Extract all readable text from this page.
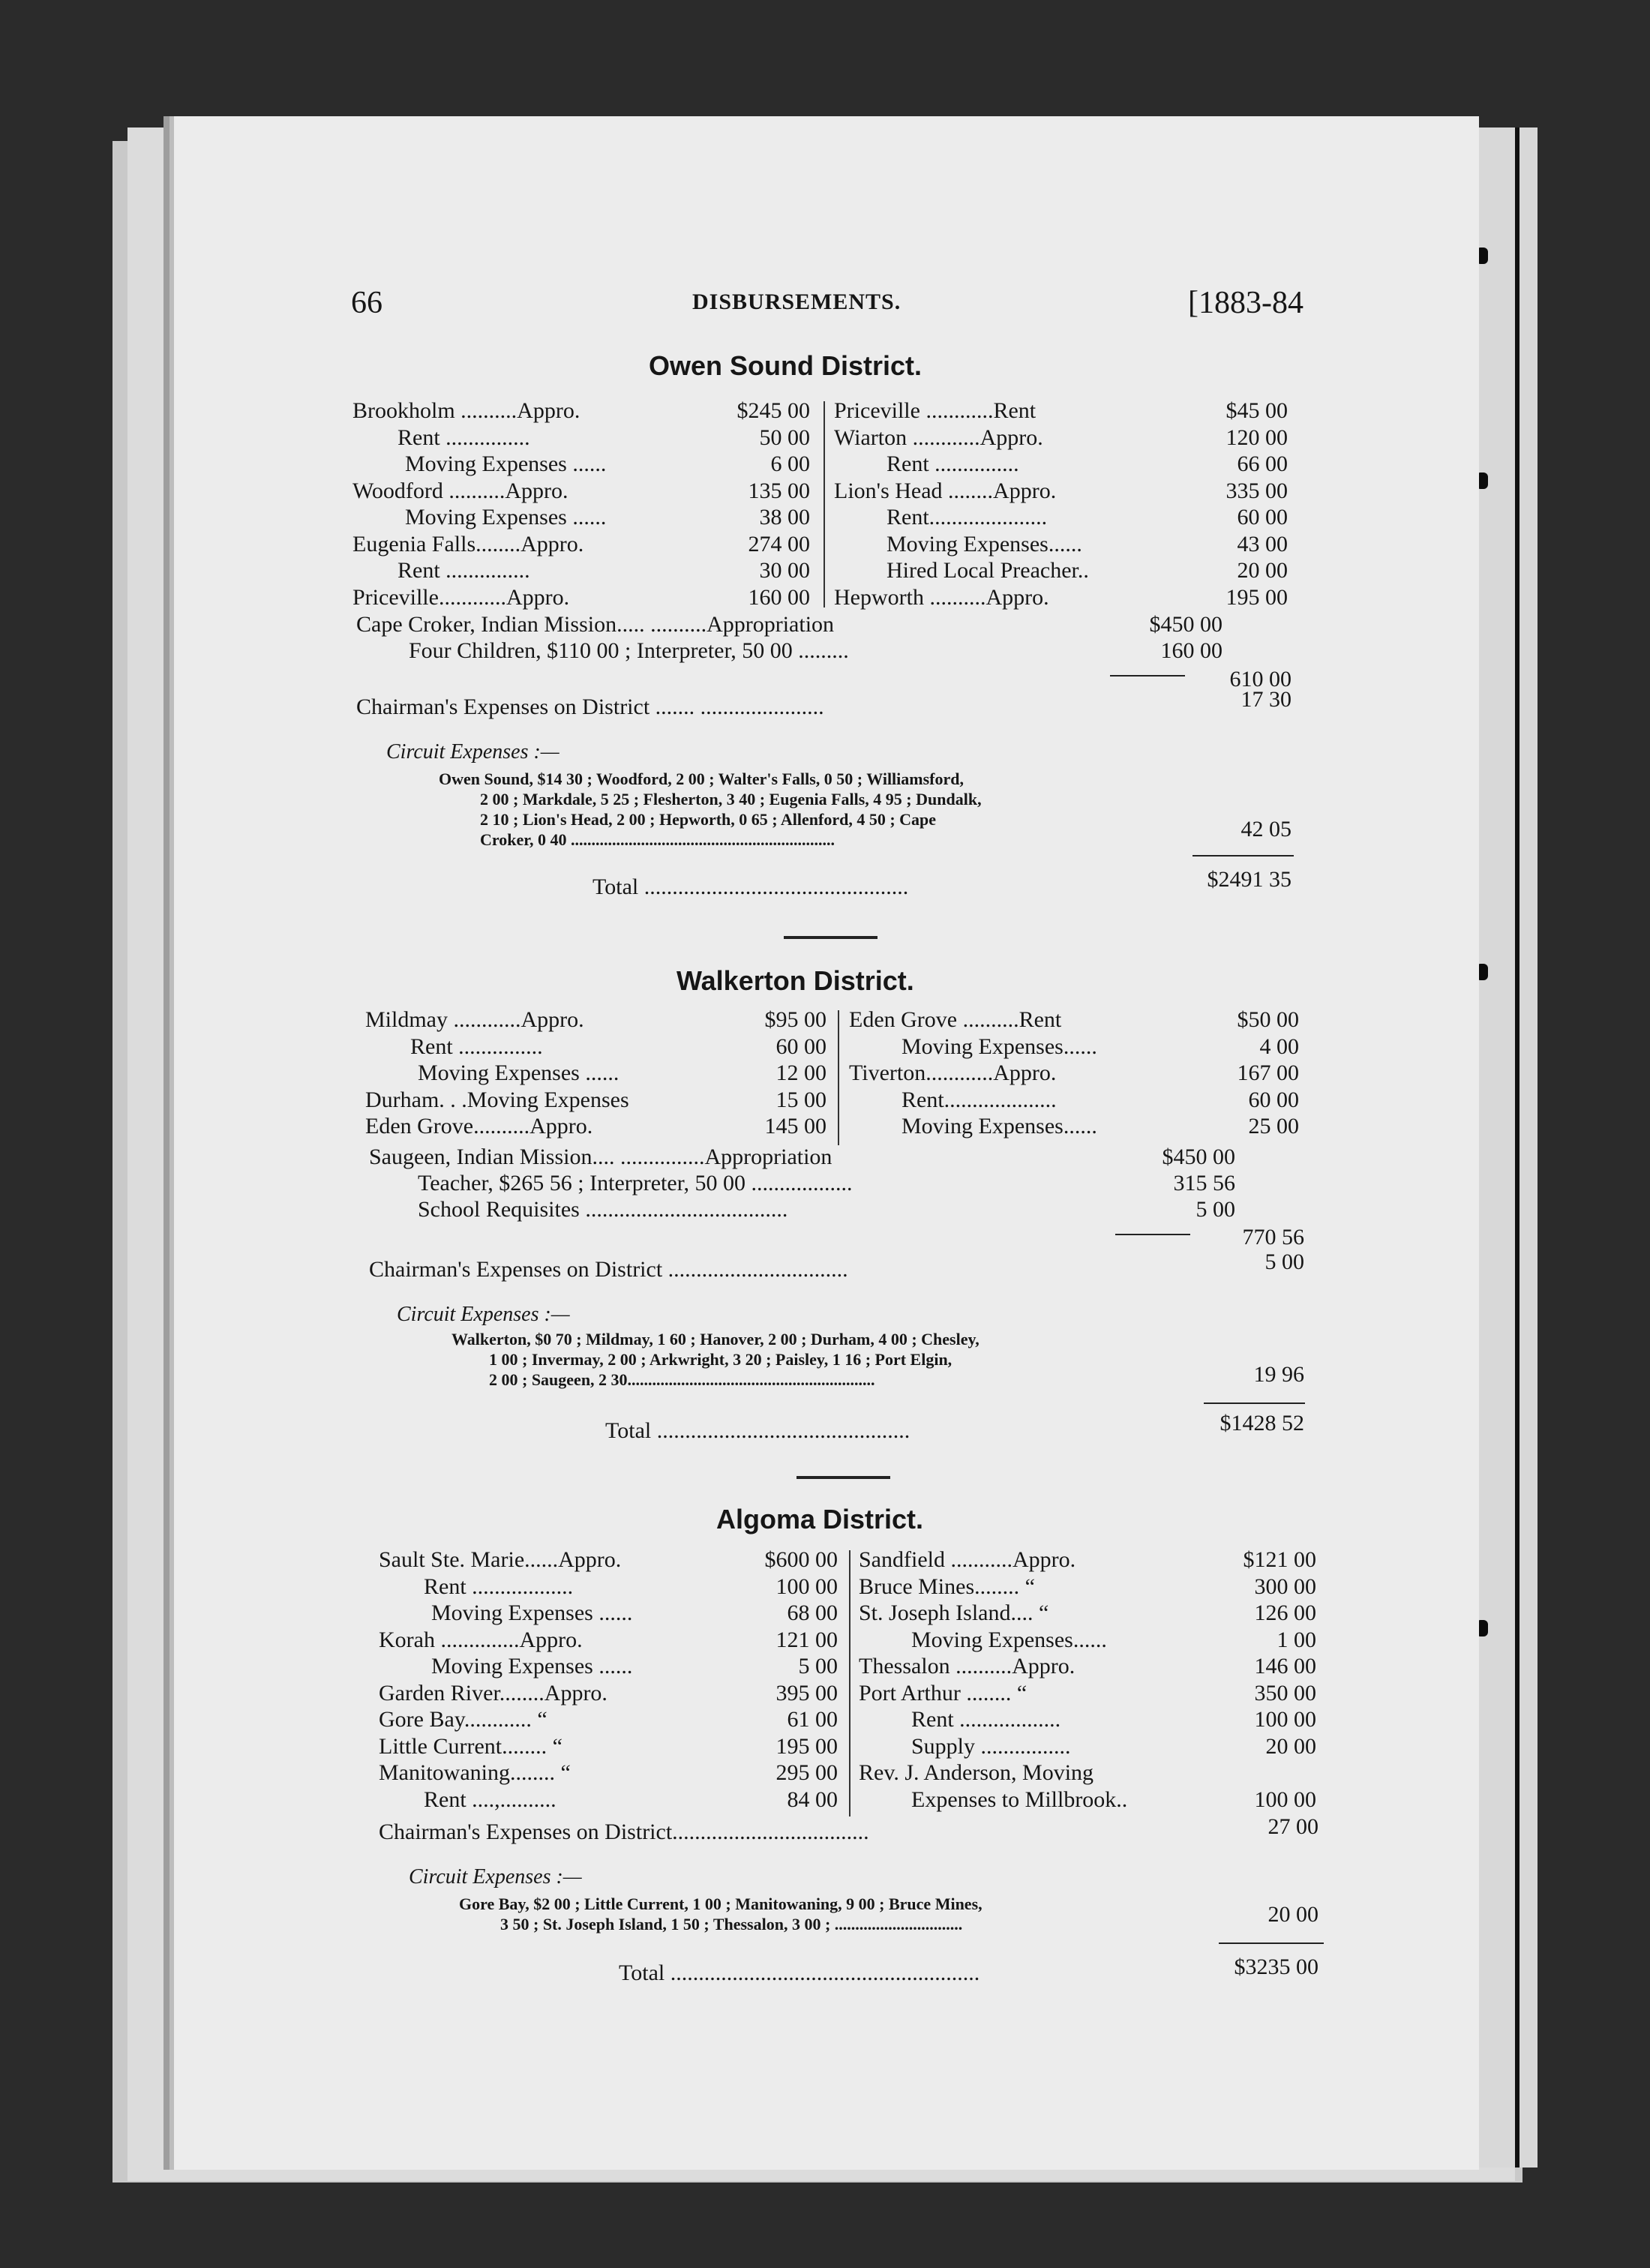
66	DISBURSEMENTS.	[1883-84
Owen Sound District.
Brookholm ..........Appro.	$245 00
Rent ...............	50 00
Moving Expenses ......	6 00
Woodford ..........Appro.	135 00
Moving Expenses ......	38 00
Eugenia Falls........Appro.	274 00
Rent ...............	30 00
Priceville............Appro.	160 00
Priceville ............Rent	$45 00
Wiarton ............Appro.	120 00
Rent ...............	66 00
Lion's Head ........Appro.	335 00
Rent.....................	60 00
Moving Expenses......	43 00
Hired Local Preacher..	20 00
Hepworth ..........Appro.	195 00
Cape Croker, Indian Mission..... ..........Appropriation	$450 00
Four Children, $110 00 ; Interpreter, 50 00 .........	160 00
610 00
Chairman's Expenses on District ....... ......................	17 30
Circuit Expenses :—
Owen Sound, $14 30 ; Woodford, 2 00 ; Walter's Falls, 0 50 ; Williamsford,
2 00 ; Markdale, 5 25 ; Flesherton, 3 40 ; Eugenia Falls, 4 95 ; Dundalk,
2 10 ; Lion's Head, 2 00 ; Hepworth, 0 65 ; Allenford, 4 50 ; Cape
Croker, 0 40 ................................................................	42 05
Total ...............................................	$2491 35
Walkerton District.
Mildmay ............Appro.	$95 00
Rent ...............	60 00
Moving Expenses ......	12 00
Durham. . .Moving Expenses	15 00
Eden Grove..........Appro.	145 00
Eden Grove ..........Rent	$50 00
Moving Expenses......	4 00
Tiverton............Appro.	167 00
Rent....................	60 00
Moving Expenses......	25 00
Saugeen, Indian Mission.... ...............Appropriation	$450 00
Teacher, $265 56 ; Interpreter, 50 00 ..................	315 56
School Requisites ....................................	5 00
770 56
Chairman's Expenses on District ................................	5 00
Circuit Expenses :—
Walkerton, $0 70 ; Mildmay, 1 60 ; Hanover, 2 00 ; Durham, 4 00 ; Chesley,
1 00 ; Invermay, 2 00 ; Arkwright, 3 20 ; Paisley, 1 16 ; Port Elgin,
2 00 ; Saugeen, 2 30............................................................	19 96
Total .............................................	$1428 52
Algoma District.
Sault Ste. Marie......Appro.	$600 00
Rent ..................	100 00
Moving Expenses ......	68 00
Korah ..............Appro.	121 00
Moving Expenses ......	5 00
Garden River........Appro.	395 00
Gore Bay............ “	61 00
Little Current........ “	195 00
Manitowaning........ “	295 00
Rent ....,..........	84 00
Sandfield ...........Appro.	$121 00
Bruce Mines........ “	300 00
St. Joseph Island.... “	126 00
Moving Expenses......	1 00
Thessalon ..........Appro.	146 00
Port Arthur ........ “	350 00
Rent ..................	100 00
Supply ................	20 00
Rev. J. Anderson, Moving
Expenses to Millbrook..	100 00
Chairman's Expenses on District...................................	27 00
Circuit Expenses :—
Gore Bay, $2 00 ; Little Current, 1 00 ; Manitowaning, 9 00 ; Bruce Mines,
3 50 ; St. Joseph Island, 1 50 ; Thessalon, 3 00 ; ...............................	20 00
Total .......................................................	$3235 00
